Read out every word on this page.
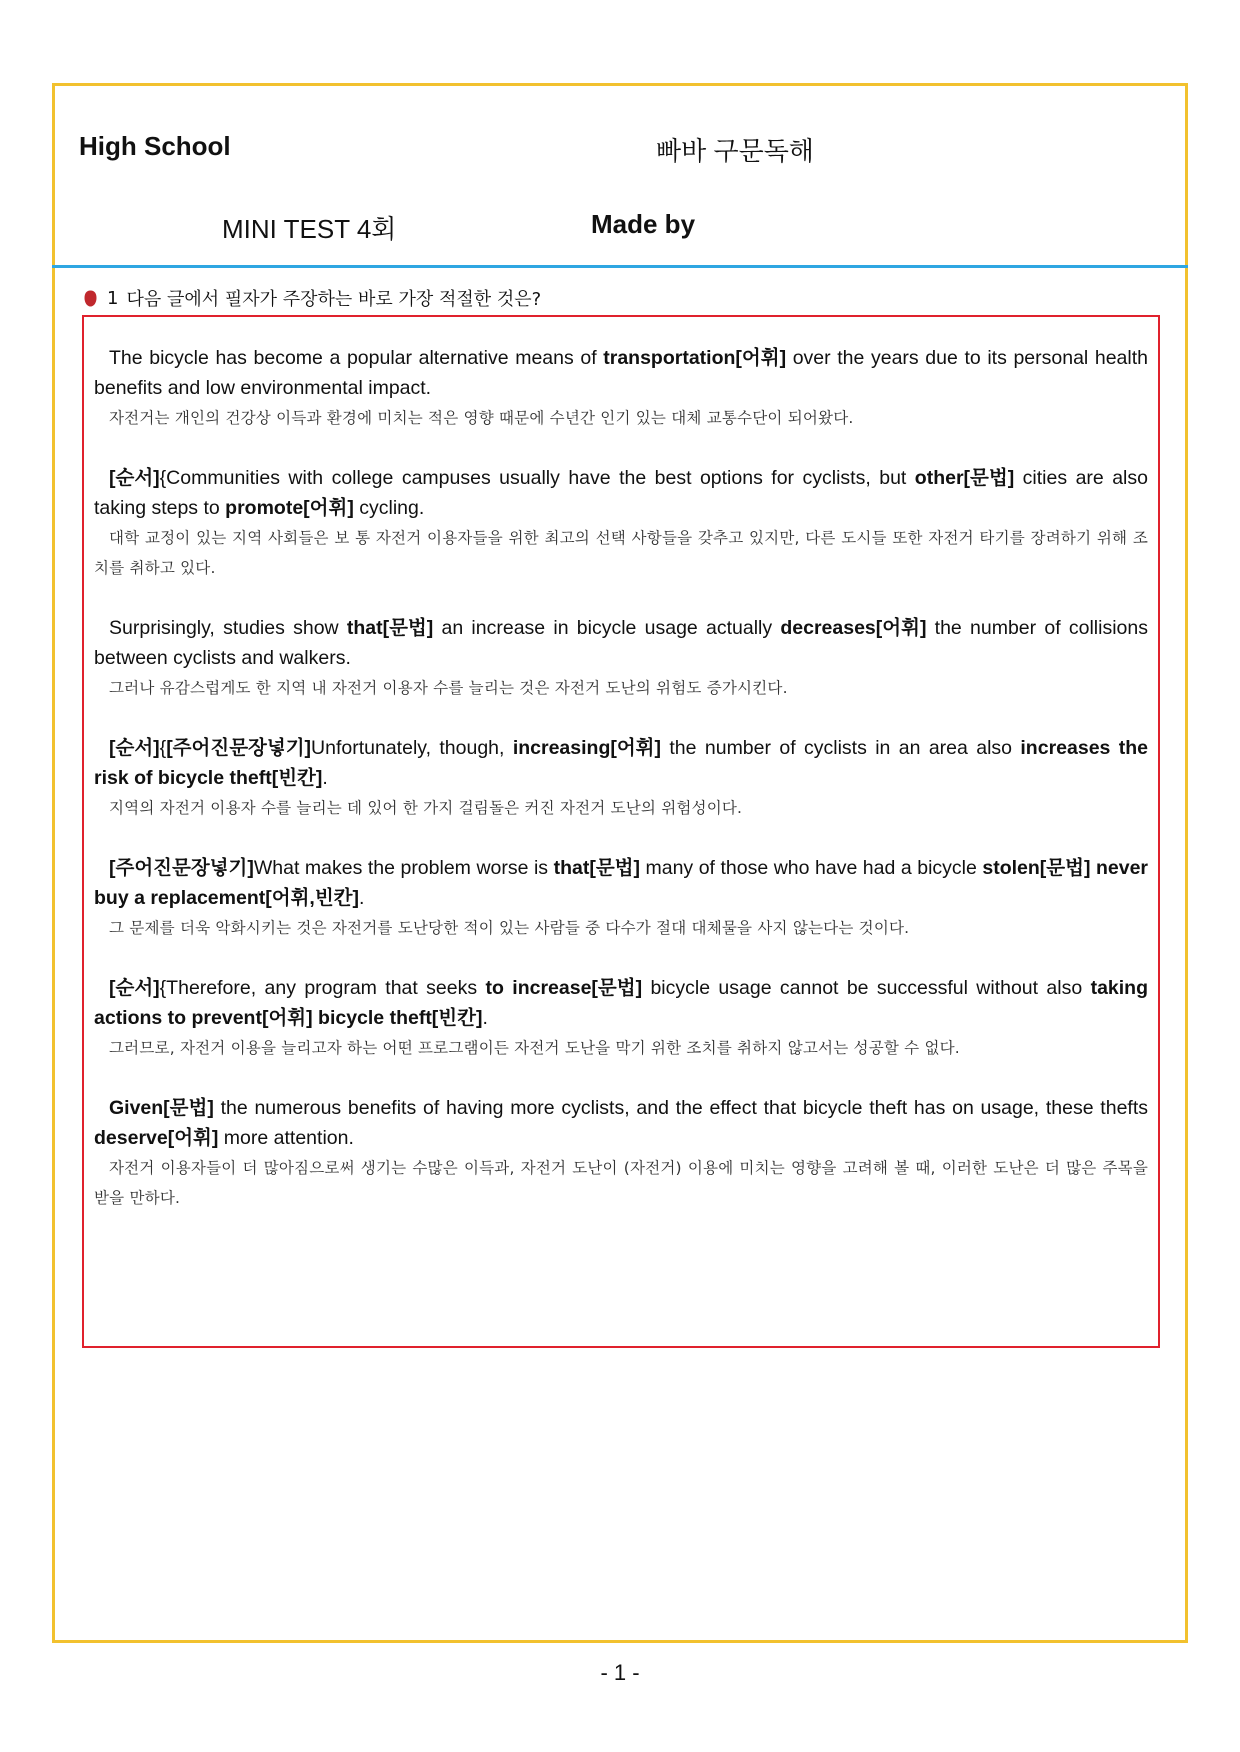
High School	빠바 구문독해
MINI TEST 4회	Made by
1 다음 글에서 필자가 주장하는 바로 가장 적절한 것은?

The bicycle has become a popular alternative means of transportation[어휘] over the years due to its personal health benefits and low environmental impact.

자전거는 개인의 건강상 이득과 환경에 미치는 적은 영향 때문에 수년간 인기 있는 대체 교통수단이 되어왔다.

[순서]{Communities with college campuses usually have the best options for cyclists, but other[문법] cities are also taking steps to promote[어휘] cycling.

대학 교정이 있는 지역 사회들은 보 통 자전거 이용자들을 위한 최고의 선택 사항들을 갖추고 있지만, 다른 도시들 또한 자전거 타기를 장려하기 위해 조치를 취하고 있다.

Surprisingly, studies show that[문법] an increase in bicycle usage actually decreases[어휘] the number of collisions between cyclists and walkers.

그러나 유감스럽게도 한 지역 내 자전거 이용자 수를 늘리는 것은 자전거 도난의 위험도 증가시킨다.

[순서]{[주어진문장넣기]Unfortunately, though, increasing[어휘] the number of cyclists in an area also increases the risk of bicycle theft[빈칸].

지역의 자전거 이용자 수를 늘리는 데 있어 한 가지 걸림돌은 커진 자전거 도난의 위험성이다.

[주어진문장넣기]What makes the problem worse is that[문법] many of those who have had a bicycle stolen[문법] never buy a replacement[어휘,빈칸].

그 문제를 더욱 악화시키는 것은 자전거를 도난당한 적이 있는 사람들 중 다수가 절대 대체물을 사지 않는다는 것이다.

[순서]{Therefore, any program that seeks to increase[문법] bicycle usage cannot be successful without also taking actions to prevent[어휘] bicycle theft[빈칸].

그러므로, 자전거 이용을 늘리고자 하는 어떤 프로그램이든 자전거 도난을 막기 위한 조치를 취하지 않고서는 성공할 수 없다.

Given[문법] the numerous benefits of having more cyclists, and the effect that bicycle theft has on usage, these thefts deserve[어휘] more attention.

자전거 이용자들이 더 많아짐으로써 생기는 수많은 이득과, 자전거 도난이 (자전거) 이용에 미치는 영향을 고려해 볼 때, 이러한 도난은 더 많은 주목을 받을 만하다.

- 1 -
